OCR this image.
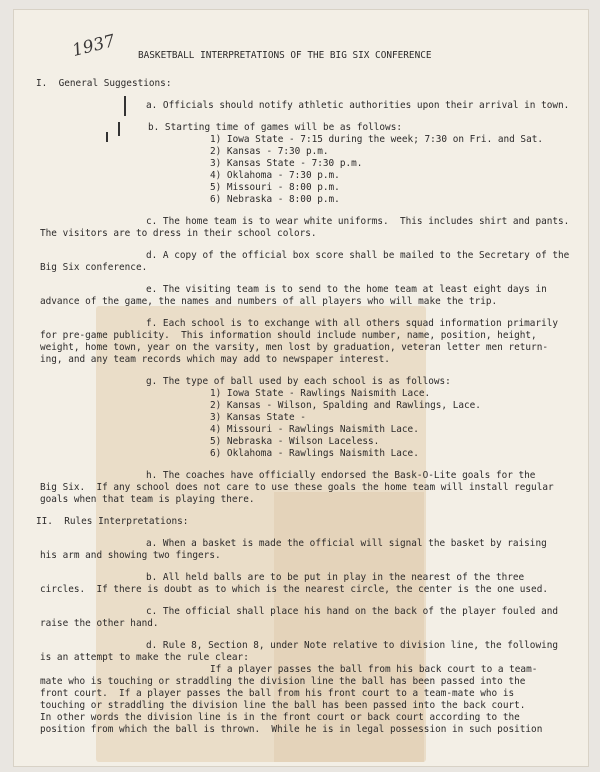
1937 BASKETBALL INTERPRETATIONS OF THE BIG SIX CONFERENCE
I.  General Suggestions:
a. Officials should notify athletic authorities upon their arrival in town.
b. Starting time of games will be as follows:
1) Iowa State - 7:15 during the week; 7:30 on Fri. and Sat.
2) Kansas - 7:30 p.m.
3) Kansas State - 7:30 p.m.
4) Oklahoma - 7:30 p.m.
5) Missouri - 8:00 p.m.
6) Nebraska - 8:00 p.m.
c. The home team is to wear white uniforms.  This includes shirt and pants.
The visitors are to dress in their school colors.
d. A copy of the official box score shall be mailed to the Secretary of the
Big Six conference.
e. The visiting team is to send to the home team at least eight days in
advance of the game, the names and numbers of all players who will make the trip.
f. Each school is to exchange with all others squad information primarily
for pre-game publicity.  This information should include number, name, position, height,
weight, home town, year on the varsity, men lost by graduation, veteran letter men return-
ing, and any team records which may add to newspaper interest.
g. The type of ball used by each school is as follows:
1) Iowa State - Rawlings Naismith Lace.
2) Kansas - Wilson, Spalding and Rawlings, Lace.
3) Kansas State -
4) Missouri - Rawlings Naismith Lace.
5) Nebraska - Wilson Laceless.
6) Oklahoma - Rawlings Naismith Lace.
h. The coaches have officially endorsed the Bask-O-Lite goals for the
Big Six.  If any school does not care to use these goals the home team will install regular
goals when that team is playing there.
II.  Rules Interpretations:
a. When a basket is made the official will signal the basket by raising
his arm and showing two fingers.
b. All held balls are to be put in play in the nearest of the three
circles.  If there is doubt as to which is the nearest circle, the center is the one used.
c. The official shall place his hand on the back of the player fouled and
raise the other hand.
d. Rule 8, Section 8, under Note relative to division line, the following
is an attempt to make the rule clear:
If a player passes the ball from his back court to a team-
mate who is touching or straddling the division line the ball has been passed into the
front court.  If a player passes the ball from his front court to a team-mate who is
touching or straddling the division line the ball has been passed into the back court.
In other words the division line is in the front court or back court according to the
position from which the ball is thrown.  While he is in legal possession in such position
